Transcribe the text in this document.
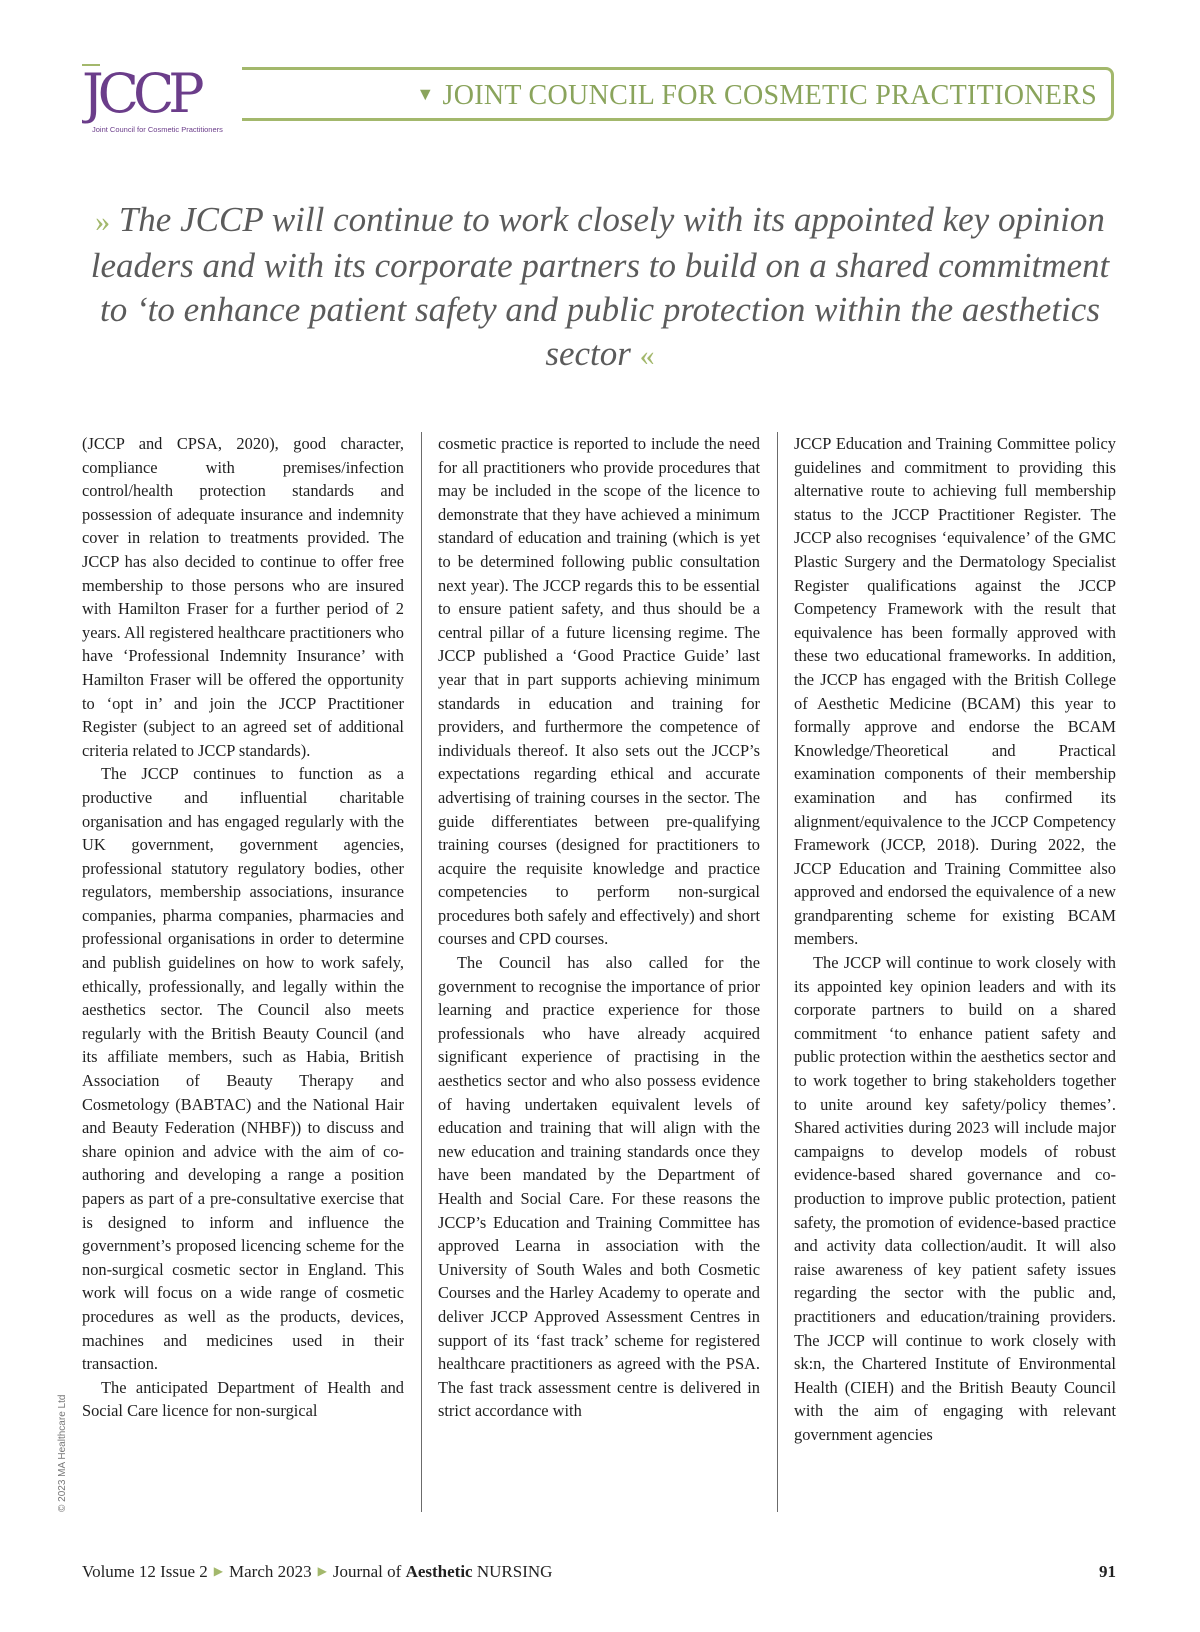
JCCP
Joint Council for Cosmetic Practitioners
▼ JOINT COUNCIL FOR COSMETIC PRACTITIONERS
» The JCCP will continue to work closely with its appointed key opinion leaders and with its corporate partners to build on a shared commitment to ‘to enhance patient safety and public protection within the aesthetics sector «

(JCCP and CPSA, 2020), good character, compliance with premises/infection control/health protection standards and possession of adequate insurance and indemnity cover in relation to treatments provided. The JCCP has also decided to continue to offer free membership to those persons who are insured with Hamilton Fraser for a further period of 2 years. All registered healthcare practitioners who have ‘Professional Indemnity Insurance’ with Hamilton Fraser will be offered the opportunity to ‘opt in’ and join the JCCP Practitioner Register (subject to an agreed set of additional criteria related to JCCP standards).

The JCCP continues to function as a productive and influential charitable organisation and has engaged regularly with the UK government, government agencies, professional statutory regulatory bodies, other regulators, membership associations, insurance companies, pharma companies, pharmacies and professional organisations in order to determine and publish guidelines on how to work safely, ethically, professionally, and legally within the aesthetics sector. The Council also meets regularly with the British Beauty Council (and its affiliate members, such as Habia, British Association of Beauty Therapy and Cosmetology (BABTAC) and the National Hair and Beauty Federation (NHBF)) to discuss and share opinion and advice with the aim of co-authoring and developing a range a position papers as part of a pre-consultative exercise that is designed to inform and influence the government’s proposed licencing scheme for the non-surgical cosmetic sector in England. This work will focus on a wide range of cosmetic procedures as well as the products, devices, machines and medicines used in their transaction.

The anticipated Department of Health and Social Care licence for non-surgical

cosmetic practice is reported to include the need for all practitioners who provide procedures that may be included in the scope of the licence to demonstrate that they have achieved a minimum standard of education and training (which is yet to be determined following public consultation next year). The JCCP regards this to be essential to ensure patient safety, and thus should be a central pillar of a future licensing regime. The JCCP published a ‘Good Practice Guide’ last year that in part supports achieving minimum standards in education and training for providers, and furthermore the competence of individuals thereof. It also sets out the JCCP’s expectations regarding ethical and accurate advertising of training courses in the sector. The guide differentiates between pre-qualifying training courses (designed for practitioners to acquire the requisite knowledge and practice competencies to perform non-surgical procedures both safely and effectively) and short courses and CPD courses.

The Council has also called for the government to recognise the importance of prior learning and practice experience for those professionals who have already acquired significant experience of practising in the aesthetics sector and who also possess evidence of having undertaken equivalent levels of education and training that will align with the new education and training standards once they have been mandated by the Department of Health and Social Care. For these reasons the JCCP’s Education and Training Committee has approved Learna in association with the University of South Wales and both Cosmetic Courses and the Harley Academy to operate and deliver JCCP Approved Assessment Centres in support of its ‘fast track’ scheme for registered healthcare practitioners as agreed with the PSA. The fast track assessment centre is delivered in strict accordance with

JCCP Education and Training Committee policy guidelines and commitment to providing this alternative route to achieving full membership status to the JCCP Practitioner Register. The JCCP also recognises ‘equivalence’ of the GMC Plastic Surgery and the Dermatology Specialist Register qualifications against the JCCP Competency Framework with the result that equivalence has been formally approved with these two educational frameworks. In addition, the JCCP has engaged with the British College of Aesthetic Medicine (BCAM) this year to formally approve and endorse the BCAM Knowledge/Theoretical and Practical examination components of their membership examination and has confirmed its alignment/equivalence to the JCCP Competency Framework (JCCP, 2018). During 2022, the JCCP Education and Training Committee also approved and endorsed the equivalence of a new grandparenting scheme for existing BCAM members.

The JCCP will continue to work closely with its appointed key opinion leaders and with its corporate partners to build on a shared commitment ‘to enhance patient safety and public protection within the aesthetics sector and to work together to bring stakeholders together to unite around key safety/policy themes’. Shared activities during 2023 will include major campaigns to develop models of robust evidence-based shared governance and co-production to improve public protection, patient safety, the promotion of evidence-based practice and activity data collection/audit. It will also raise awareness of key patient safety issues regarding the sector with the public and, practitioners and education/training providers. The JCCP will continue to work closely with sk:n, the Chartered Institute of Environmental Health (CIEH) and the British Beauty Council with the aim of engaging with relevant government agencies

© 2023 MA Healthcare Ltd
Volume 12 Issue 2 ▶ March 2023 ▶ Journal of Aesthetic NURSING	91
